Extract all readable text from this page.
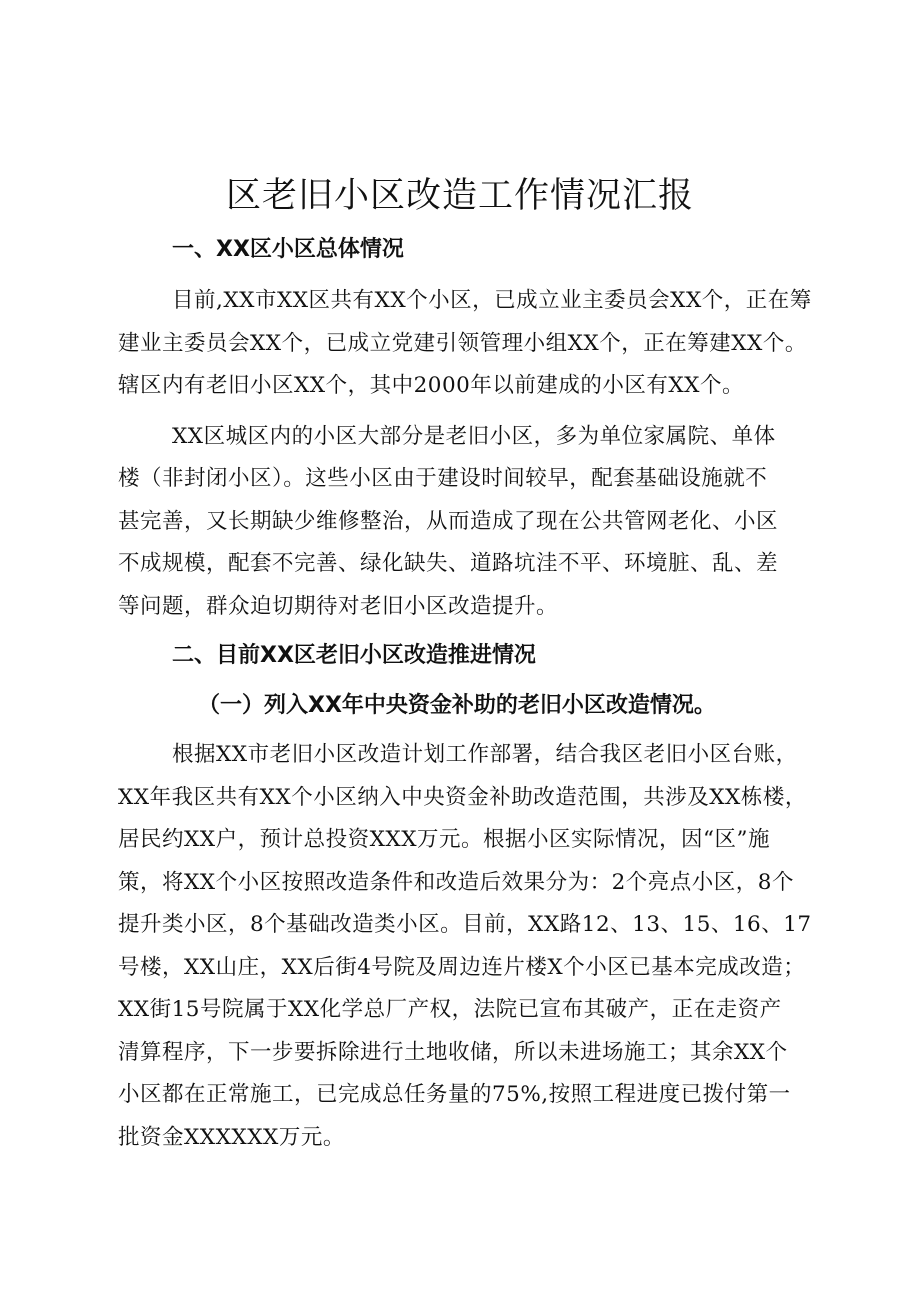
区老旧小区改造工作情况汇报

一、XX区小区总体情况

目前,XX市XX区共有XX个小区，已成立业主委员会XX个，正在筹
建业主委员会XX个，已成立党建引领管理小组XX个，正在筹建XX个。
辖区内有老旧小区XX个，其中2000年以前建成的小区有XX个。

XX区城区内的小区大部分是老旧小区，多为单位家属院、单体
楼（非封闭小区）。这些小区由于建设时间较早，配套基础设施就不
甚完善，又长期缺少维修整治，从而造成了现在公共管网老化、小区
不成规模，配套不完善、绿化缺失、道路坑洼不平、环境脏、乱、差
等问题，群众迫切期待对老旧小区改造提升。

二、目前XX区老旧小区改造推进情况

（一）列入XX年中央资金补助的老旧小区改造情况。

根据XX市老旧小区改造计划工作部署，结合我区老旧小区台账，
XX年我区共有XX个小区纳入中央资金补助改造范围，共涉及XX栋楼，
居民约XX户，预计总投资XXX万元。根据小区实际情况，因“区”施
策，将XX个小区按照改造条件和改造后效果分为：2个亮点小区，8个
提升类小区，8个基础改造类小区。目前，XX路12、13、15、16、17
号楼，XX山庄，XX后街4号院及周边连片楼X个小区已基本完成改造；
XX街15号院属于XX化学总厂产权，法院已宣布其破产，正在走资产
清算程序，下一步要拆除进行土地收储，所以未进场施工；其余XX个
小区都在正常施工，已完成总任务量的75%,按照工程进度已拨付第一
批资金XXXXXX万元。
